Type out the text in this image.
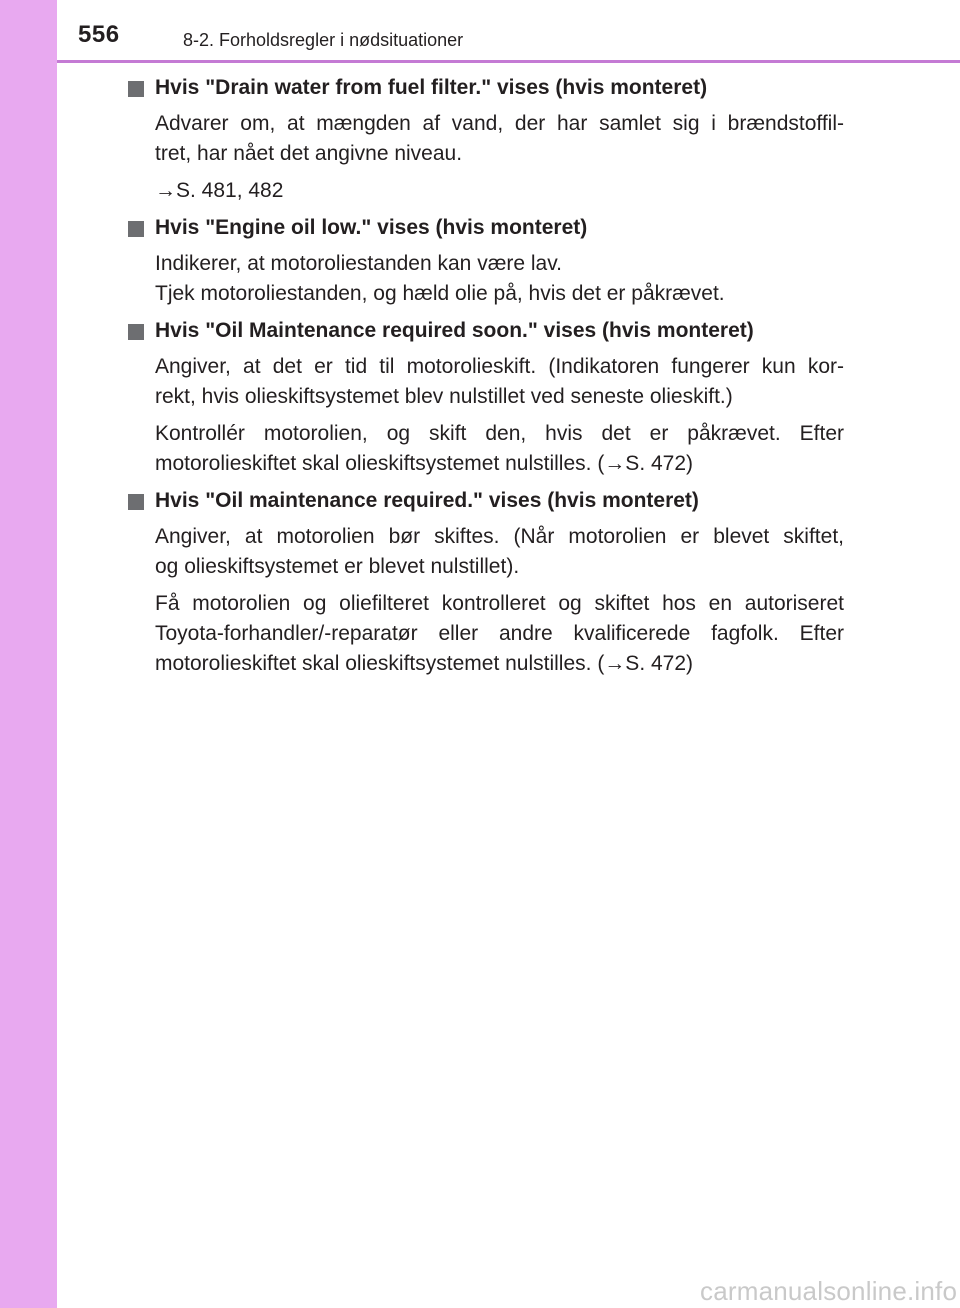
556	8-2. Forholdsregler i nødsituationer
Hvis "Drain water from fuel filter." vises (hvis monteret)
Advarer om, at mængden af vand, der har samlet sig i brændstoffil-
tret, har nået det angivne niveau.
→S. 481, 482
Hvis "Engine oil low." vises (hvis monteret)
Indikerer, at motoroliestanden kan være lav.
Tjek motoroliestanden, og hæld olie på, hvis det er påkrævet.
Hvis "Oil Maintenance required soon." vises (hvis monteret)
Angiver, at det er tid til motorolieskift. (Indikatoren fungerer kun kor-
rekt, hvis olieskiftsystemet blev nulstillet ved seneste olieskift.)
Kontrollér motorolien, og skift den, hvis det er påkrævet. Efter
motorolieskiftet skal olieskiftsystemet nulstilles. (→S. 472)
Hvis "Oil maintenance required." vises (hvis monteret)
Angiver, at motorolien bør skiftes. (Når motorolien er blevet skiftet,
og olieskiftsystemet er blevet nulstillet).
Få motorolien og oliefilteret kontrolleret og skiftet hos en autoriseret
Toyota-forhandler/-reparatør eller andre kvalificerede fagfolk. Efter
motorolieskiftet skal olieskiftsystemet nulstilles. (→S. 472)
carmanualsonline.info
